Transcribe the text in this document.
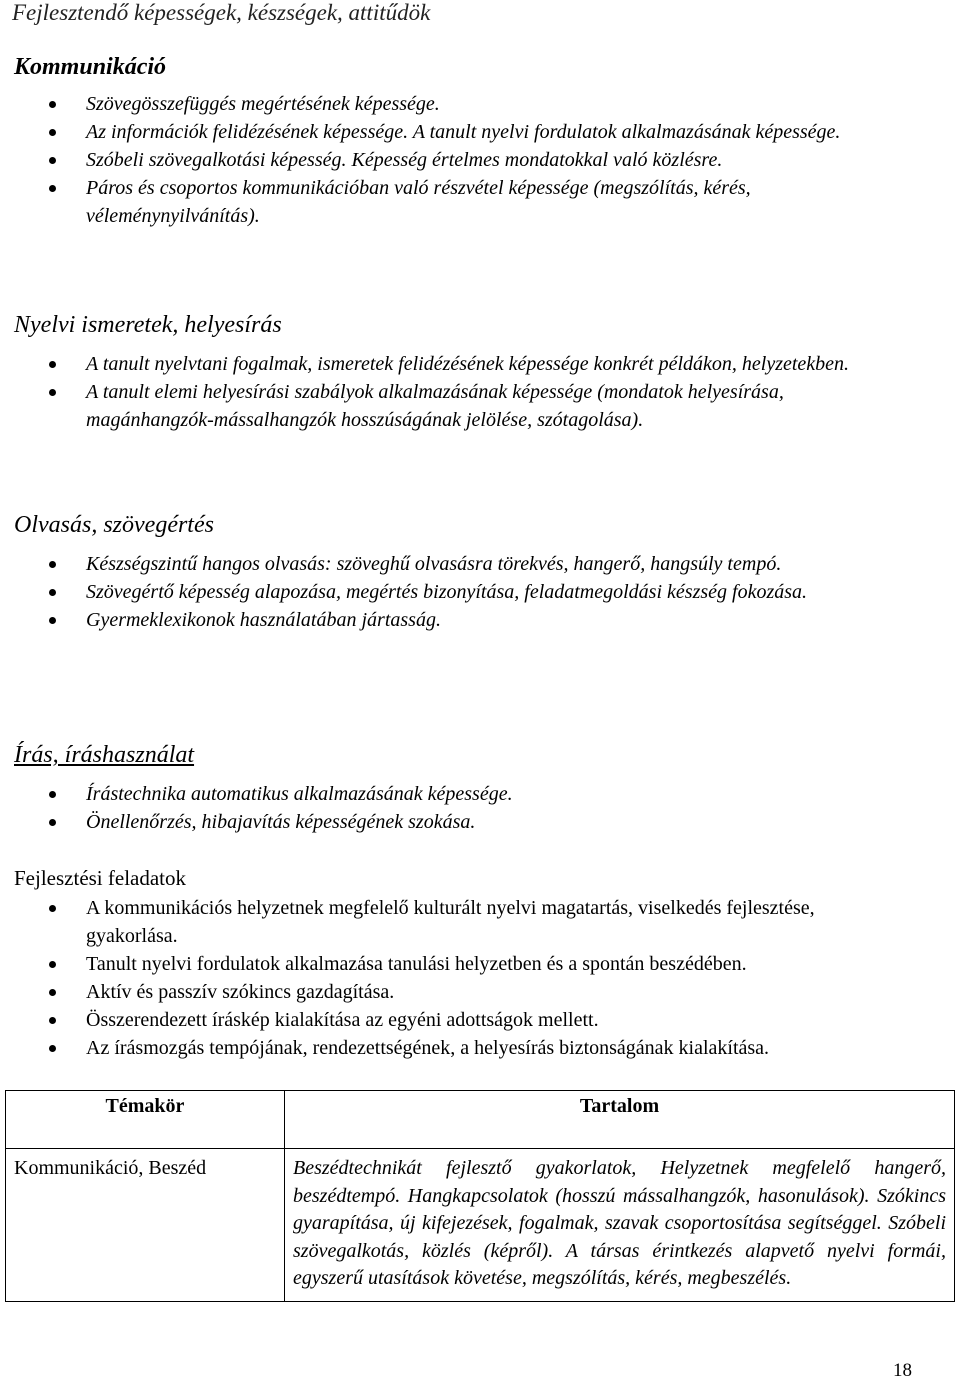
Fejlesztendő képességek, készségek, attitűdök
Kommunikáció
Szövegösszefüggés megértésének képessége.
Az információk felidézésének képessége. A tanult nyelvi fordulatok alkalmazásának képessége.
Szóbeli szövegalkotási képesség. Képesség értelmes mondatokkal való közlésre.
Páros és csoportos kommunikációban való részvétel képessége (megszólítás, kérés, véleménynyilvánítás).
Nyelvi ismeretek, helyesírás
A tanult nyelvtani fogalmak, ismeretek felidézésének képessége konkrét példákon, helyzetekben.
A tanult elemi helyesírási szabályok alkalmazásának képessége (mondatok helyesírása, magánhangzók-mássalhangzók hosszúságának jelölése, szótagolása).
Olvasás, szövegértés
Készségszintű hangos olvasás: szöveghű olvasásra törekvés, hangerő, hangsúly tempó.
Szövegértő képesség alapozása, megértés bizonyítása, feladatmegoldási készség fokozása.
Gyermeklexikonok használatában jártasság.
Írás, íráshasználat
Írástechnika automatikus alkalmazásának képessége.
Önellenőrzés, hibajavítás képességének szokása.
Fejlesztési feladatok
A kommunikációs helyzetnek megfelelő kulturált nyelvi magatartás, viselkedés fejlesztése, gyakorlása.
Tanult nyelvi fordulatok alkalmazása tanulási helyzetben és a spontán beszédében.
Aktív és passzív szókincs gazdagítása.
Összerendezett íráskép kialakítása az egyéni adottságok mellett.
Az írásmozgás tempójának, rendezettségének, a helyesírás biztonságának kialakítása.
Témakör	Tartalom
Kommunikáció, Beszéd	Beszédtechnikát fejlesztő gyakorlatok, Helyzetnek megfelelő hangerő, beszédtempó. Hangkapcsolatok (hosszú mássalhangzók, hasonulások). Szókincs gyarapítása, új kifejezések, fogalmak, szavak csoportosítása segítséggel. Szóbeli szövegalkotás, közlés (képről). A társas érintkezés alapvető nyelvi formái, egyszerű utasítások követése, megszólítás, kérés, megbeszélés.
18
